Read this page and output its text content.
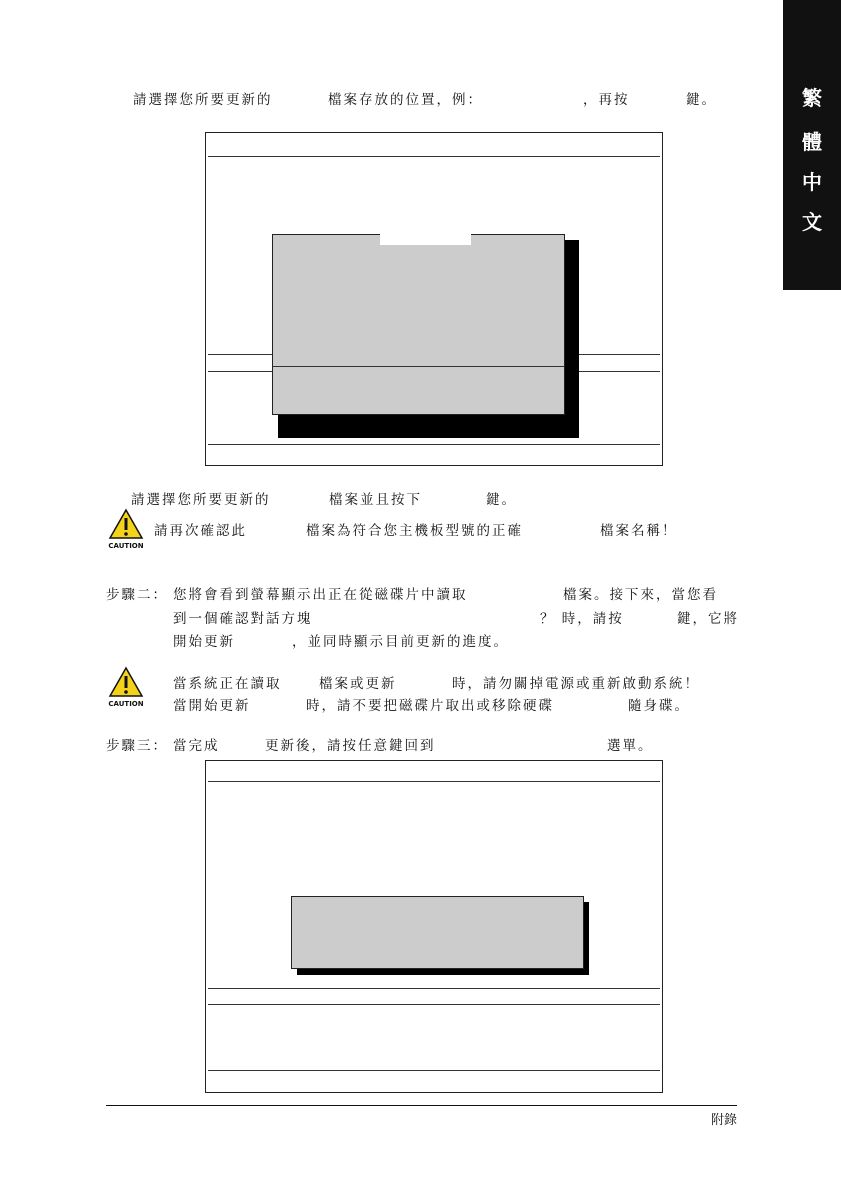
繁
體
中
文
請選擇您所要更新的	檔案存放的位置，例：	，再按	鍵。
請選擇您所要更新的	檔案並且按下	鍵。
CAUTION
請再次確認此	檔案為符合您主機板型號的正確	檔案名稱！
步驟二： 您將會看到螢幕顯示出正在從磁碟片中讀取	檔案。接下來，當您看
到一個確認對話方塊	？ 時，請按	鍵，它將
開始更新	，並同時顯示目前更新的進度。
CAUTION
當系統正在讀取	檔案或更新	時，請勿關掉電源或重新啟動系統！
當開始更新	時，請不要把磁碟片取出或移除硬碟	隨身碟。
步驟三： 當完成	更新後，請按任意鍵回到	選單。
附錄
